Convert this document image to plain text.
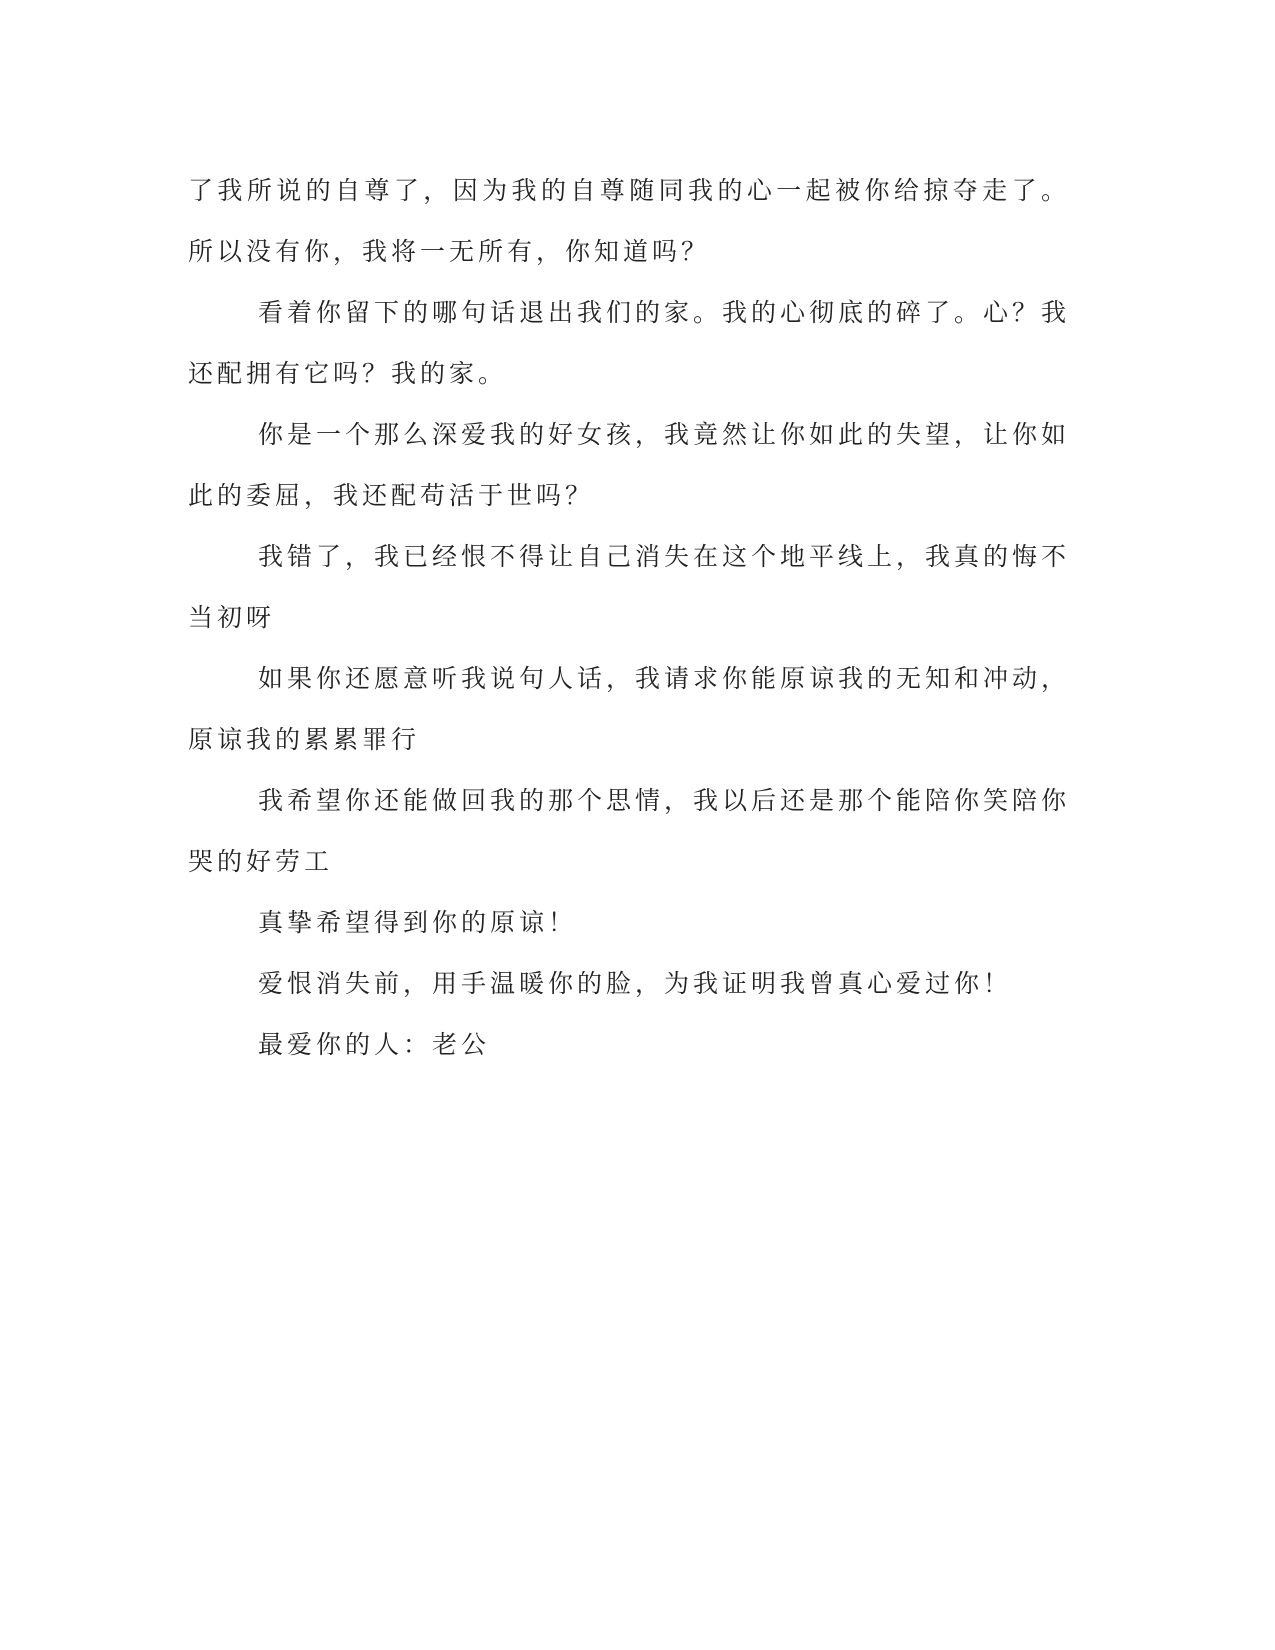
了我所说的自尊了，因为我的自尊随同我的心一起被你给掠夺走了。所以没有你，我将一无所有，你知道吗？

看着你留下的哪句话退出我们的家。我的心彻底的碎了。心？我还配拥有它吗？我的家。

你是一个那么深爱我的好女孩，我竟然让你如此的失望，让你如此的委屈，我还配苟活于世吗？

我错了，我已经恨不得让自己消失在这个地平线上，我真的悔不当初呀

如果你还愿意听我说句人话，我请求你能原谅我的无知和冲动，原谅我的累累罪行

我希望你还能做回我的那个思情，我以后还是那个能陪你笑陪你哭的好劳工

真挚希望得到你的原谅！

爱恨消失前，用手温暖你的脸，为我证明我曾真心爱过你！

最爱你的人：老公
